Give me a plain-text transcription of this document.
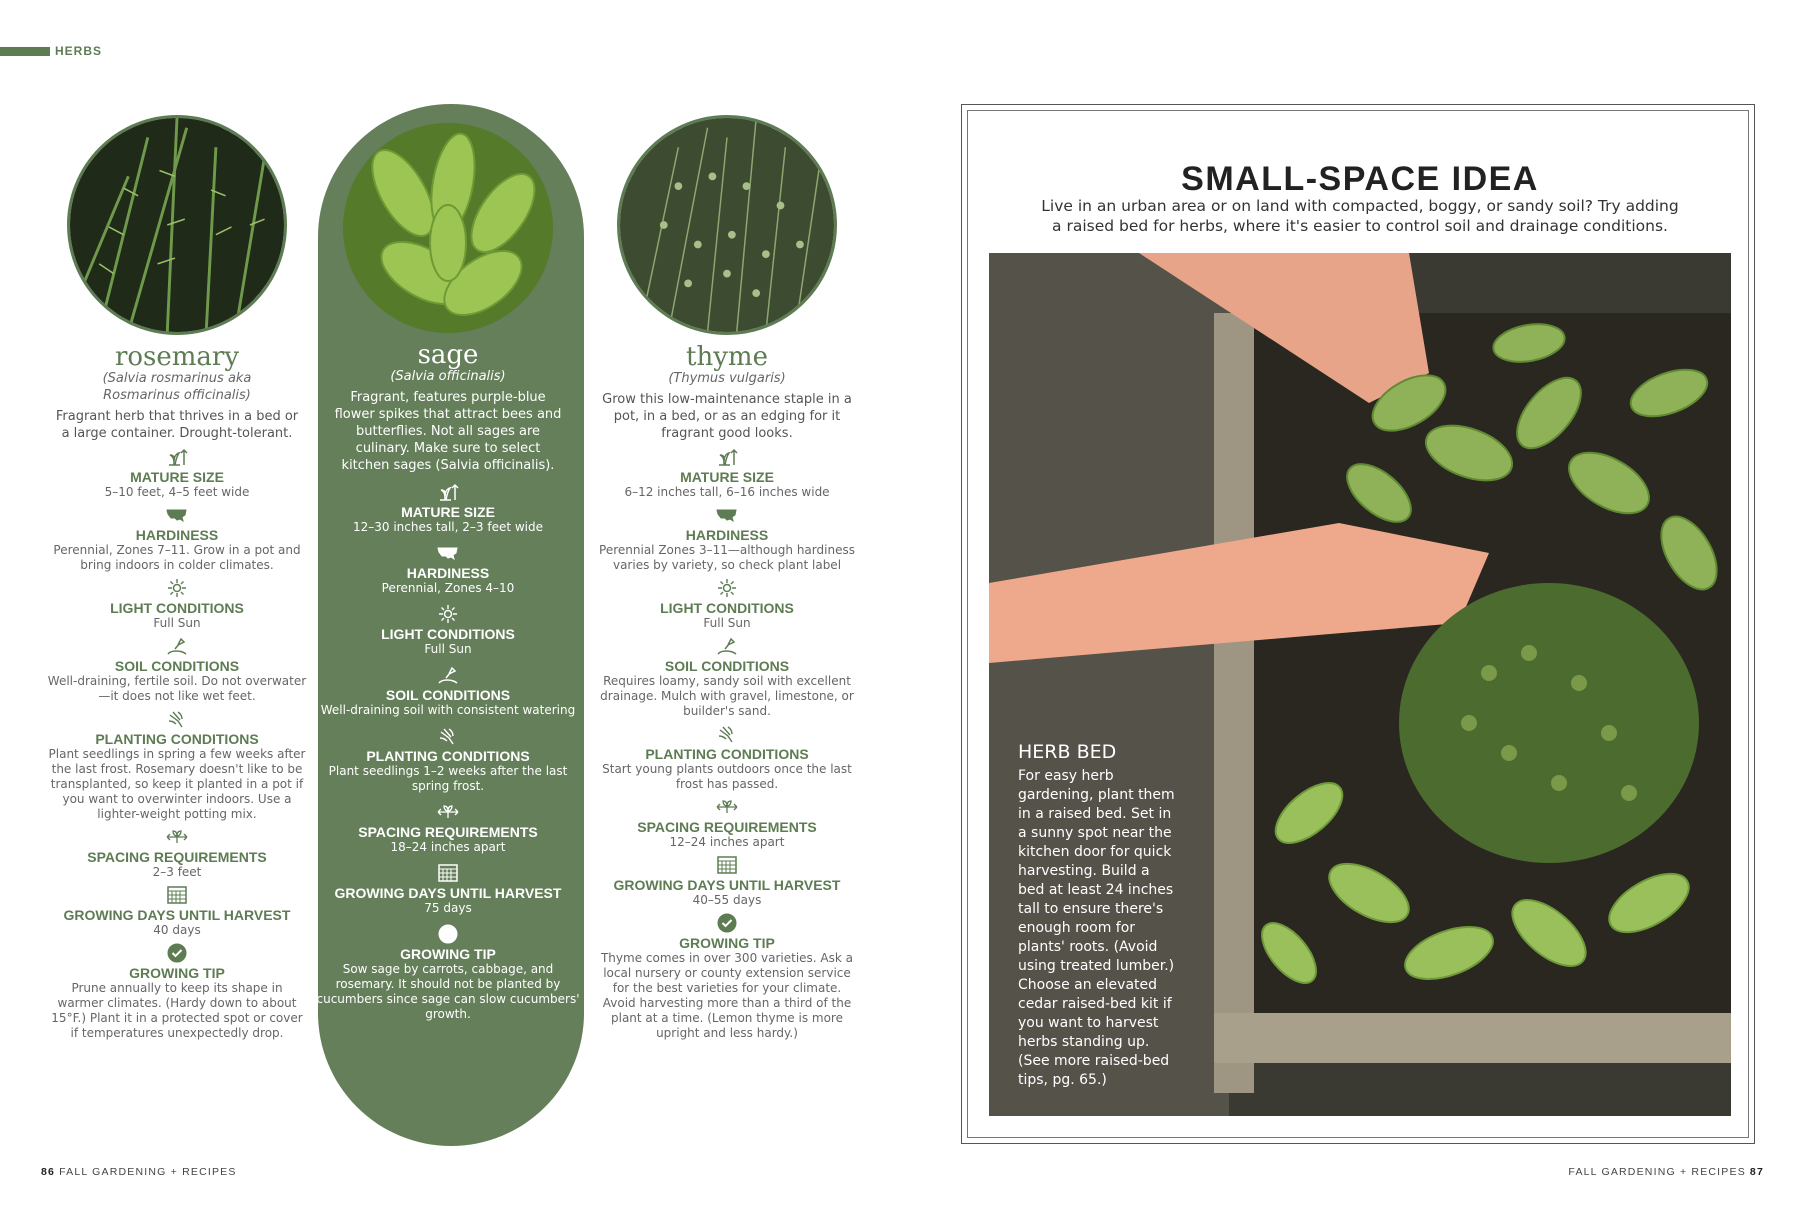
HERBS
rosemary
(Salvia rosmarinus aka Rosmarinus officinalis)
Fragrant herb that thrives in a bed or a large container. Drought-tolerant.
MATURE SIZE
5–10 feet, 4–5 feet wide
HARDINESS
Perennial, Zones 7–11. Grow in a pot and bring indoors in colder climates.
LIGHT CONDITIONS
Full Sun
SOIL CONDITIONS
Well-draining, fertile soil. Do not overwater—it does not like wet feet.
PLANTING CONDITIONS
Plant seedlings in spring a few weeks after the last frost. Rosemary doesn't like to be transplanted, so keep it planted in a pot if you want to overwinter indoors. Use a lighter-weight potting mix.
SPACING REQUIREMENTS
2–3 feet
GROWING DAYS UNTIL HARVEST
40 days
GROWING TIP
Prune annually to keep its shape in warmer climates. (Hardy down to about 15°F.) Plant it in a protected spot or cover if temperatures unexpectedly drop.
sage
(Salvia officinalis)
Fragrant, features purple-blue flower spikes that attract bees and butterflies. Not all sages are culinary. Make sure to select kitchen sages (Salvia officinalis).
MATURE SIZE
12–30 inches tall, 2–3 feet wide
HARDINESS
Perennial, Zones 4–10
LIGHT CONDITIONS
Full Sun
SOIL CONDITIONS
Well-draining soil with consistent watering
PLANTING CONDITIONS
Plant seedlings 1–2 weeks after the last spring frost.
SPACING REQUIREMENTS
18–24 inches apart
GROWING DAYS UNTIL HARVEST
75 days
GROWING TIP
Sow sage by carrots, cabbage, and rosemary. It should not be planted by cucumbers since sage can slow cucumbers' growth.
thyme
(Thymus vulgaris)
Grow this low-maintenance staple in a pot, in a bed, or as an edging for it fragrant good looks.
MATURE SIZE
6–12 inches tall, 6–16 inches wide
HARDINESS
Perennial Zones 3–11—although hardiness varies by variety, so check plant label
LIGHT CONDITIONS
Full Sun
SOIL CONDITIONS
Requires loamy, sandy soil with excellent drainage. Mulch with gravel, limestone, or builder's sand.
PLANTING CONDITIONS
Start young plants outdoors once the last frost has passed.
SPACING REQUIREMENTS
12–24 inches apart
GROWING DAYS UNTIL HARVEST
40–55 days
GROWING TIP
Thyme comes in over 300 varieties. Ask a local nursery or county extension service for the best varieties for your climate. Avoid harvesting more than a third of the plant at a time. (Lemon thyme is more upright and less hardy.)
SMALL-SPACE IDEA
Live in an urban area or on land with compacted, boggy, or sandy soil? Try adding a raised bed for herbs, where it's easier to control soil and drainage conditions.
HERB BED
For easy herb gardening, plant them in a raised bed. Set in a sunny spot near the kitchen door for quick harvesting. Build a bed at least 24 inches tall to ensure there's enough room for plants' roots. (Avoid using treated lumber.) Choose an elevated cedar raised-bed kit if you want to harvest herbs standing up. (See more raised-bed tips, pg. 65.)
86 FALL GARDENING + RECIPES	FALL GARDENING + RECIPES 87
